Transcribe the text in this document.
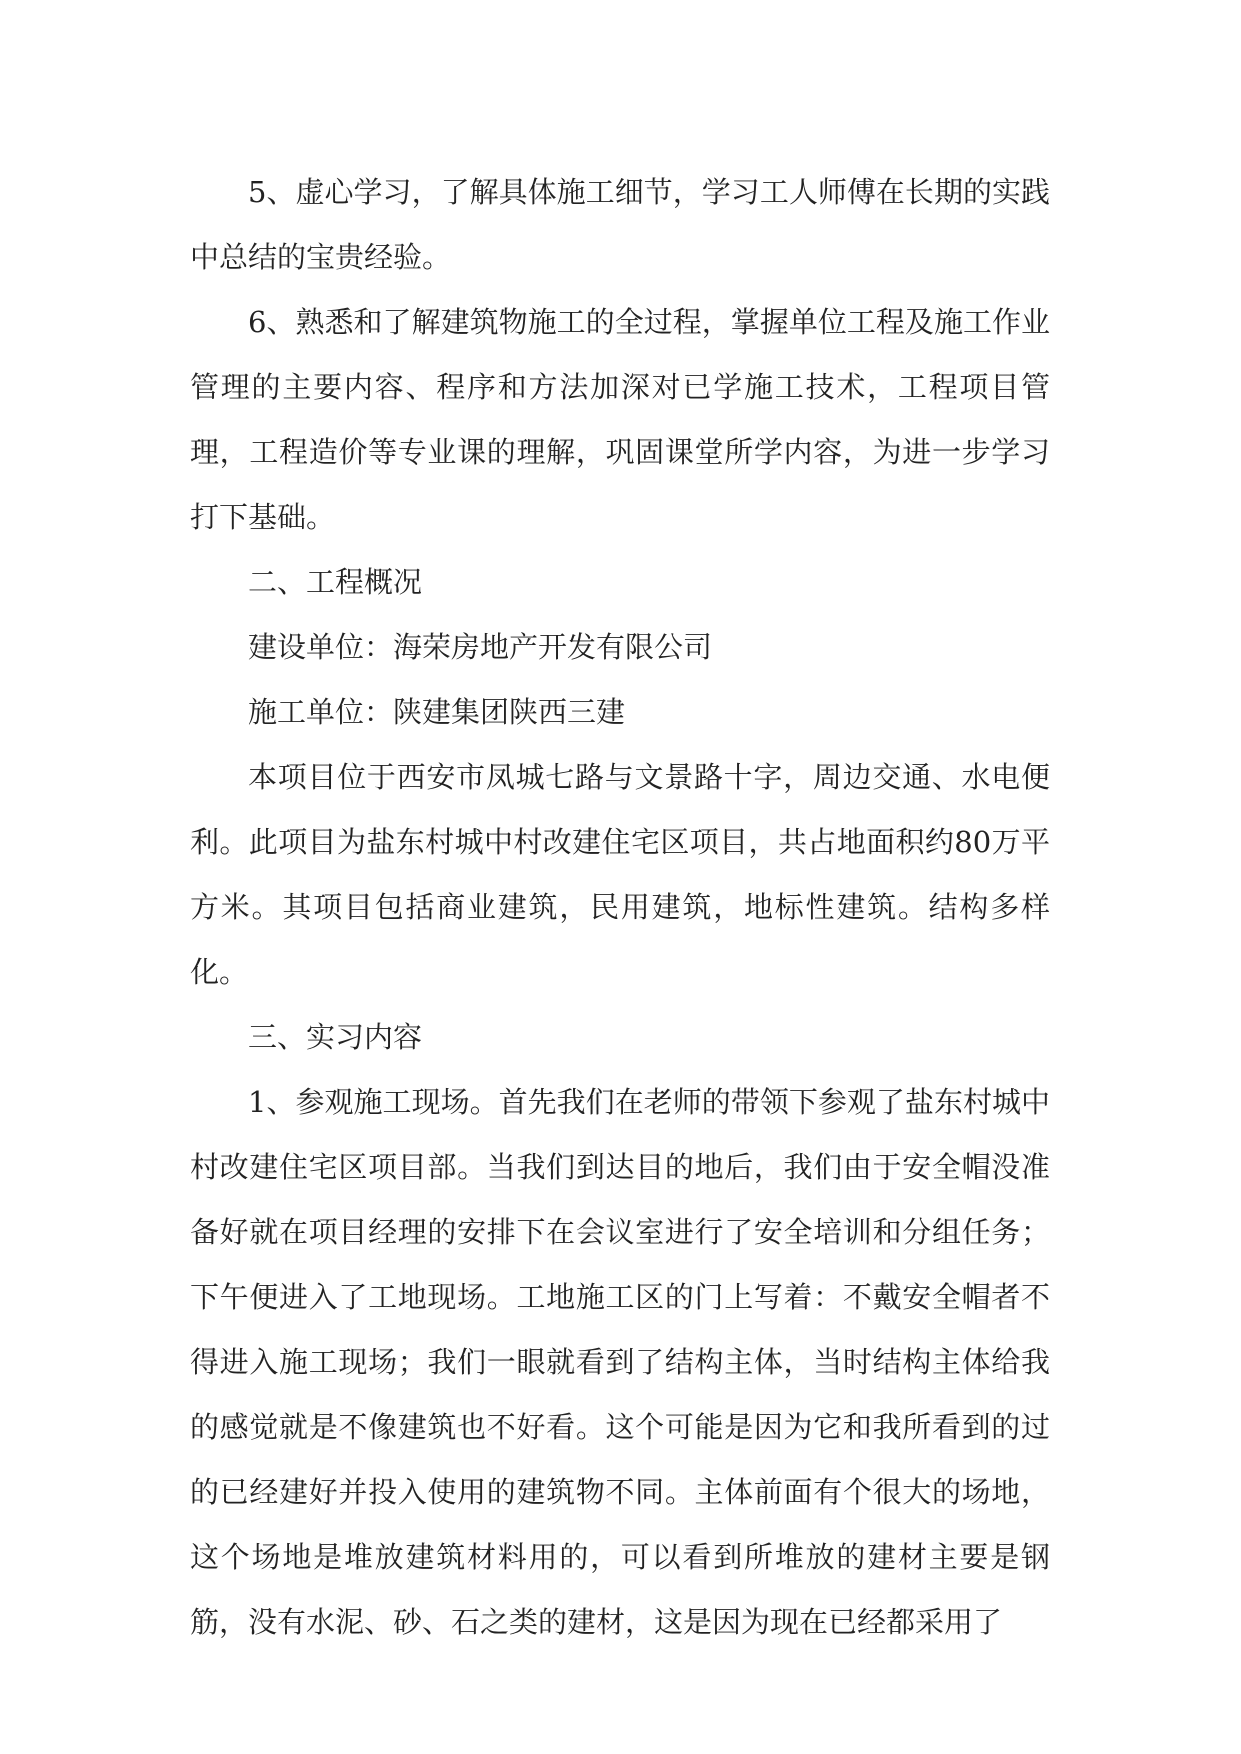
5、虚心学习，了解具体施工细节，学习工人师傅在长期的实践中总结的宝贵经验。

6、熟悉和了解建筑物施工的全过程，掌握单位工程及施工作业管理的主要内容、程序和方法加深对已学施工技术，工程项目管理，工程造价等专业课的理解，巩固课堂所学内容，为进一步学习打下基础。

二、工程概况

建设单位：海荣房地产开发有限公司

施工单位：陕建集团陕西三建

本项目位于西安市凤城七路与文景路十字，周边交通、水电便利。此项目为盐东村城中村改建住宅区项目，共占地面积约80万平方米。其项目包括商业建筑，民用建筑，地标性建筑。结构多样化。

三、实习内容

1、参观施工现场。首先我们在老师的带领下参观了盐东村城中村改建住宅区项目部。当我们到达目的地后，我们由于安全帽没准备好就在项目经理的安排下在会议室进行了安全培训和分组任务；下午便进入了工地现场。工地施工区的门上写着：不戴安全帽者不得进入施工现场；我们一眼就看到了结构主体，当时结构主体给我的感觉就是不像建筑也不好看。这个可能是因为它和我所看到的过的已经建好并投入使用的建筑物不同。主体前面有个很大的场地，这个场地是堆放建筑材料用的，可以看到所堆放的建材主要是钢筋，没有水泥、砂、石之类的建材，这是因为现在已经都采用了
